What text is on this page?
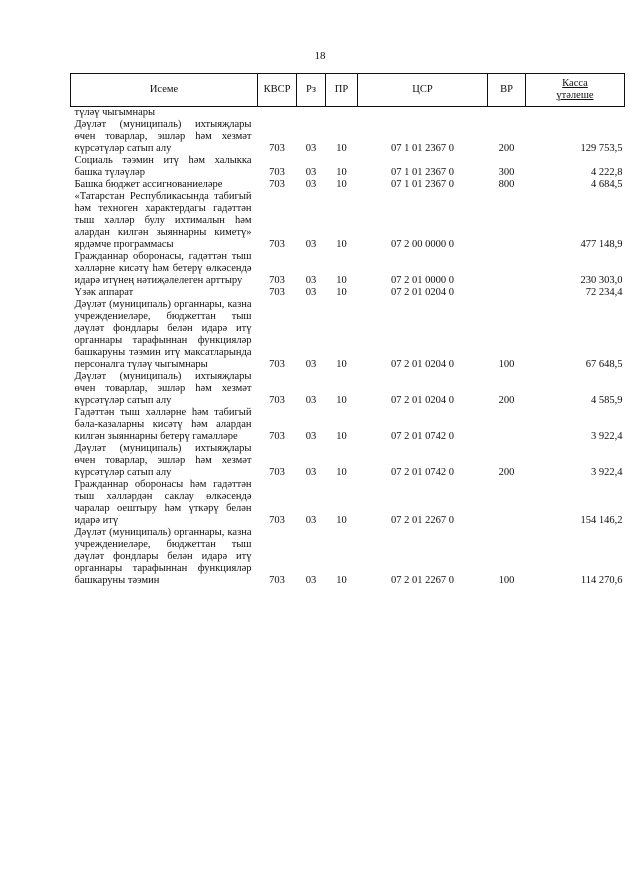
18
Исеме	КВСР	Рз	ПР	ЦСР	ВР	Касса
үтәлеше
түләү чыгымнары						
Дәүләт (муниципаль) ихтыяҗлары өчен товарлар, эшләр һәм хезмәт күрсәтүләр сатып алу	703	03	10	07 1 01 2367 0	200	129 753,5
Социаль тәэмин итү һәм халыкка башка түләүләр	703	03	10	07 1 01 2367 0	300	4 222,8
Башка бюджет ассигнованиеләре	703	03	10	07 1 01 2367 0	800	4 684,5
«Татарстан Республикасында табигый һәм техноген характердагы гадәттән тыш хәлләр булу ихтималын һәм алардан килгән зыяннарны киметү» ярдәмче программасы	703	03	10	07 2 00 0000 0		477 148,9
Гражданнар оборонасы, гадәттән тыш хәлләрне кисәтү һәм бетерү өлкәсендә идарә итүнең нәтиҗәлелеген арттыру	703	03	10	07 2 01 0000 0		230 303,0
Үзәк аппарат	703	03	10	07 2 01 0204 0		72 234,4
Дәүләт (муниципаль) органнары, казна учреждениеләре, бюджеттан тыш дәүләт фондлары белән идарә итү органнары тарафыннан функцияләр башкаруны тәэмин итү максатларында персоналга түләү чыгымнары	703	03	10	07 2 01 0204 0	100	67 648,5
Дәүләт (муниципаль) ихтыяҗлары өчен товарлар, эшләр һәм хезмәт күрсәтүләр сатып алу	703	03	10	07 2 01 0204 0	200	4 585,9
Гадәттән тыш хәлләрне һәм табигый бәла-казаларны кисәтү һәм алардан килгән зыяннарны бетерү гамәлләре	703	03	10	07 2 01 0742 0		3 922,4
Дәүләт (муниципаль) ихтыяҗлары өчен товарлар, эшләр һәм хезмәт күрсәтүләр сатып алу	703	03	10	07 2 01 0742 0	200	3 922,4
Гражданнар оборонасы һәм гадәттән тыш хәлләрдән саклау өлкәсендә чаралар оештыру һәм үткәрү белән идарә итү	703	03	10	07 2 01 2267 0		154 146,2
Дәүләт (муниципаль) органнары, казна учреждениеләре, бюджеттан тыш дәүләт фондлары белән идарә итү органнары тарафыннан функцияләр башкаруны тәэмин	703	03	10	07 2 01 2267 0	100	114 270,6
